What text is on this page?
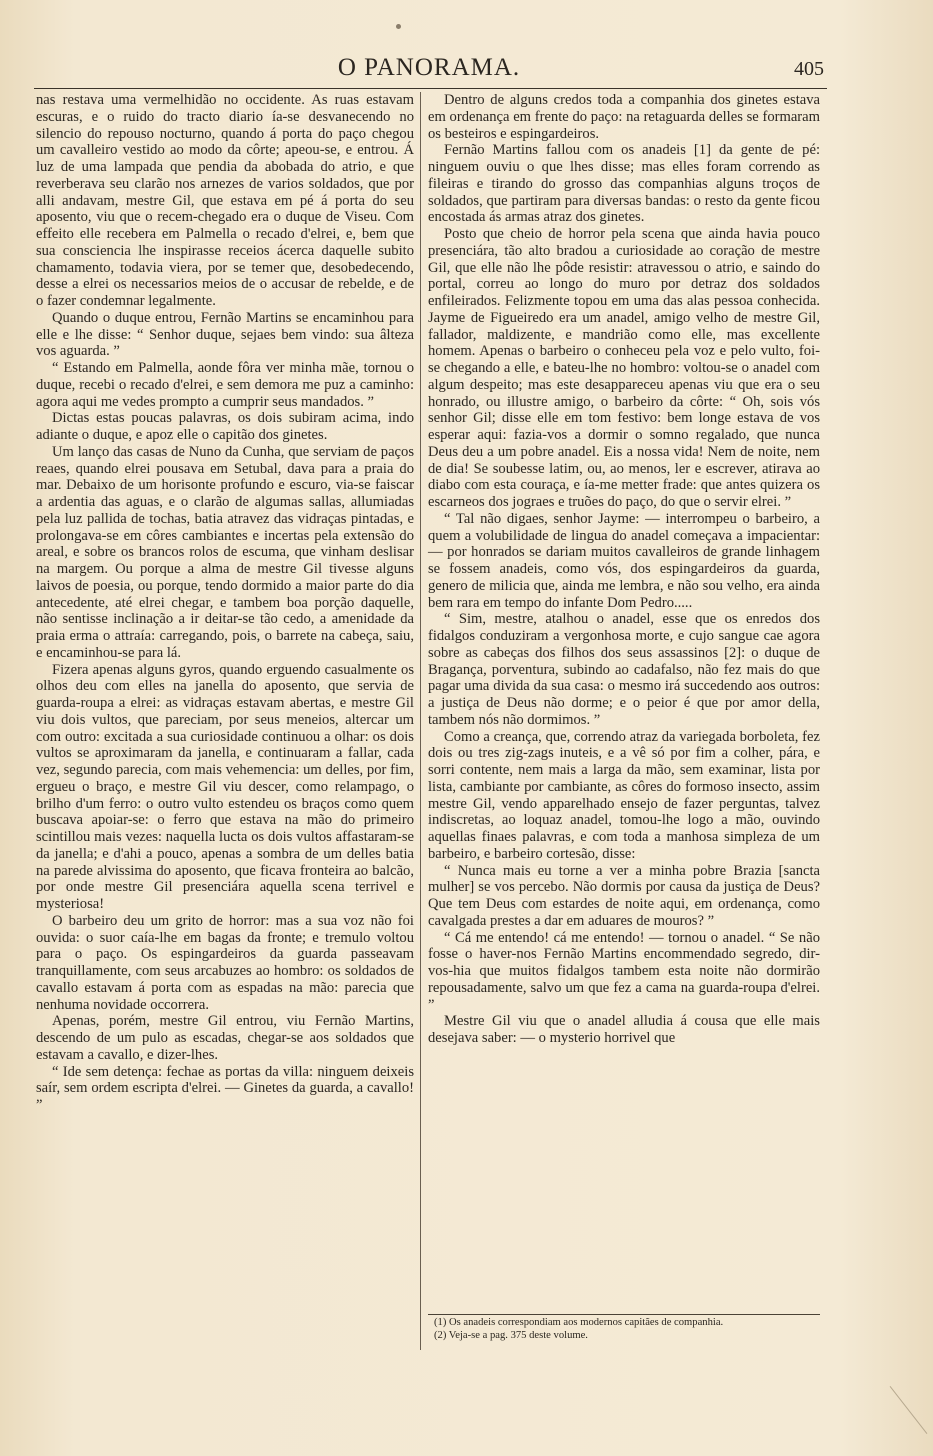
O PANORAMA.	405

nas restava uma vermelhidão no occidente. As ruas estavam escuras, e o ruido do tracto diario ía-se desvanecendo no silencio do repouso nocturno, quando á porta do paço chegou um cavalleiro vestido ao modo da côrte; apeou-se, e entrou. Á luz de uma lampada que pendia da abobada do atrio, e que reverberava seu clarão nos arnezes de varios soldados, que por alli andavam, mestre Gil, que estava em pé á porta do seu aposento, viu que o recem-chegado era o duque de Viseu. Com effeito elle recebera em Palmella o recado d'elrei, e, bem que sua consciencia lhe inspirasse receios ácerca daquelle subito chamamento, todavia viera, por se temer que, desobedecendo, desse a elrei os necessarios meios de o accusar de rebelde, e de o fazer condemnar legalmente.

Quando o duque entrou, Fernão Martins se encaminhou para elle e lhe disse: “ Senhor duque, sejaes bem vindo: sua âlteza vos aguarda. ”

“ Estando em Palmella, aonde fôra ver minha mãe, tornou o duque, recebi o recado d'elrei, e sem demora me puz a caminho: agora aqui me vedes prompto a cumprir seus mandados. ”

Dictas estas poucas palavras, os dois subiram acima, indo adiante o duque, e apoz elle o capitão dos ginetes.

Um lanço das casas de Nuno da Cunha, que serviam de paços reaes, quando elrei pousava em Setubal, dava para a praia do mar. Debaixo de um horisonte profundo e escuro, via-se faiscar a ardentia das aguas, e o clarão de algumas sallas, allumiadas pela luz pallida de tochas, batia atravez das vidraças pintadas, e prolongava-se em côres cambiantes e incertas pela extensão do areal, e sobre os brancos rolos de escuma, que vinham deslisar na margem. Ou porque a alma de mestre Gil tivesse alguns laivos de poesia, ou porque, tendo dormido a maior parte do dia antecedente, até elrei chegar, e tambem boa porção daquelle, não sentisse inclinação a ir deitar-se tão cedo, a amenidade da praia erma o attraía: carregando, pois, o barrete na cabeça, saiu, e encaminhou-se para lá.

Fizera apenas alguns gyros, quando erguendo casualmente os olhos deu com elles na janella do aposento, que servia de guarda-roupa a elrei: as vidraças estavam abertas, e mestre Gil viu dois vultos, que pareciam, por seus meneios, altercar um com outro: excitada a sua curiosidade continuou a olhar: os dois vultos se aproximaram da janella, e continuaram a fallar, cada vez, segundo parecia, com mais vehemencia: um delles, por fim, ergueu o braço, e mestre Gil viu descer, como relampago, o brilho d'um ferro: o outro vulto estendeu os braços como quem buscava apoiar-se: o ferro que estava na mão do primeiro scintillou mais vezes: naquella lucta os dois vultos affastaram-se da janella; e d'ahi a pouco, apenas a sombra de um delles batia na parede alvissima do aposento, que ficava fronteira ao balcão, por onde mestre Gil presenciára aquella scena terrivel e mysteriosa!

O barbeiro deu um grito de horror: mas a sua voz não foi ouvida: o suor caía-lhe em bagas da fronte; e tremulo voltou para o paço. Os espingardeiros da guarda passeavam tranquillamente, com seus arcabuzes ao hombro: os soldados de cavallo estavam á porta com as espadas na mão: parecia que nenhuma novidade occorrera.

Apenas, porém, mestre Gil entrou, viu Fernão Martins, descendo de um pulo as escadas, chegar-se aos soldados que estavam a cavallo, e dizer-lhes.

“ Ide sem detença: fechae as portas da villa: ninguem deixeis saír, sem ordem escripta d'elrei. — Ginetes da guarda, a cavallo! ”

Dentro de alguns credos toda a companhia dos ginetes estava em ordenança em frente do paço: na retaguarda delles se formaram os besteiros e espingardeiros.

Fernão Martins fallou com os anadeis [1] da gente de pé: ninguem ouviu o que lhes disse; mas elles foram correndo as fileiras e tirando do grosso das companhias alguns troços de soldados, que partiram para diversas bandas: o resto da gente ficou encostada ás armas atraz dos ginetes.

Posto que cheio de horror pela scena que ainda havia pouco presenciára, tão alto bradou a curiosidade ao coração de mestre Gil, que elle não lhe pôde resistir: atravessou o atrio, e saindo do portal, correu ao longo do muro por detraz dos soldados enfileirados. Felizmente topou em uma das alas pessoa conhecida. Jayme de Figueiredo era um anadel, amigo velho de mestre Gil, fallador, maldizente, e mandrião como elle, mas excellente homem. Apenas o barbeiro o conheceu pela voz e pelo vulto, foi-se chegando a elle, e bateu-lhe no hombro: voltou-se o anadel com algum despeito; mas este desappareceu apenas viu que era o seu honrado, ou illustre amigo, o barbeiro da côrte: “ Oh, sois vós senhor Gil; disse elle em tom festivo: bem longe estava de vos esperar aqui: fazia-vos a dormir o somno regalado, que nunca Deus deu a um pobre anadel. Eis a nossa vida! Nem de noite, nem de dia! Se soubesse latim, ou, ao menos, ler e escrever, atirava ao diabo com esta couraça, e ía-me metter frade: que antes quizera os escarneos dos jograes e truões do paço, do que o servir elrei. ”

“ Tal não digaes, senhor Jayme: — interrompeu o barbeiro, a quem a volubilidade de lingua do anadel começava a impacientar: — por honrados se dariam muitos cavalleiros de grande linhagem se fossem anadeis, como vós, dos espingardeiros da guarda, genero de milicia que, ainda me lembra, e não sou velho, era ainda bem rara em tempo do infante Dom Pedro.....

“ Sim, mestre, atalhou o anadel, esse que os enredos dos fidalgos conduziram a vergonhosa morte, e cujo sangue cae agora sobre as cabeças dos filhos dos seus assassinos [2]: o duque de Bragança, porventura, subindo ao cadafalso, não fez mais do que pagar uma divida da sua casa: o mesmo irá succedendo aos outros: a justiça de Deus não dorme; e o peior é que por amor della, tambem nós não dormimos. ”

Como a creança, que, correndo atraz da variegada borboleta, fez dois ou tres zig-zags inuteis, e a vê só por fim a colher, pára, e sorri contente, nem mais a larga da mão, sem examinar, lista por lista, cambiante por cambiante, as côres do formoso insecto, assim mestre Gil, vendo apparelhado ensejo de fazer perguntas, talvez indiscretas, ao loquaz anadel, tomou-lhe logo a mão, ouvindo aquellas finaes palavras, e com toda a manhosa simpleza de um barbeiro, e barbeiro cortesão, disse:

“ Nunca mais eu torne a ver a minha pobre Brazia [sancta mulher] se vos percebo. Não dormis por causa da justiça de Deus? Que tem Deus com estardes de noite aqui, em ordenança, como cavalgada prestes a dar em aduares de mouros? ”

“ Cá me entendo! cá me entendo! — tornou o anadel. “ Se não fosse o haver-nos Fernão Martins encommendado segredo, dir-vos-hia que muitos fidalgos tambem esta noite não dormirão repousadamente, salvo um que fez a cama na guarda-roupa d'elrei. ”

Mestre Gil viu que o anadel alludia á cousa que elle mais desejava saber: — o mysterio horrivel que

(1) Os anadeis correspondiam aos modernos capitães de companhia.

(2) Veja-se a pag. 375 deste volume.
